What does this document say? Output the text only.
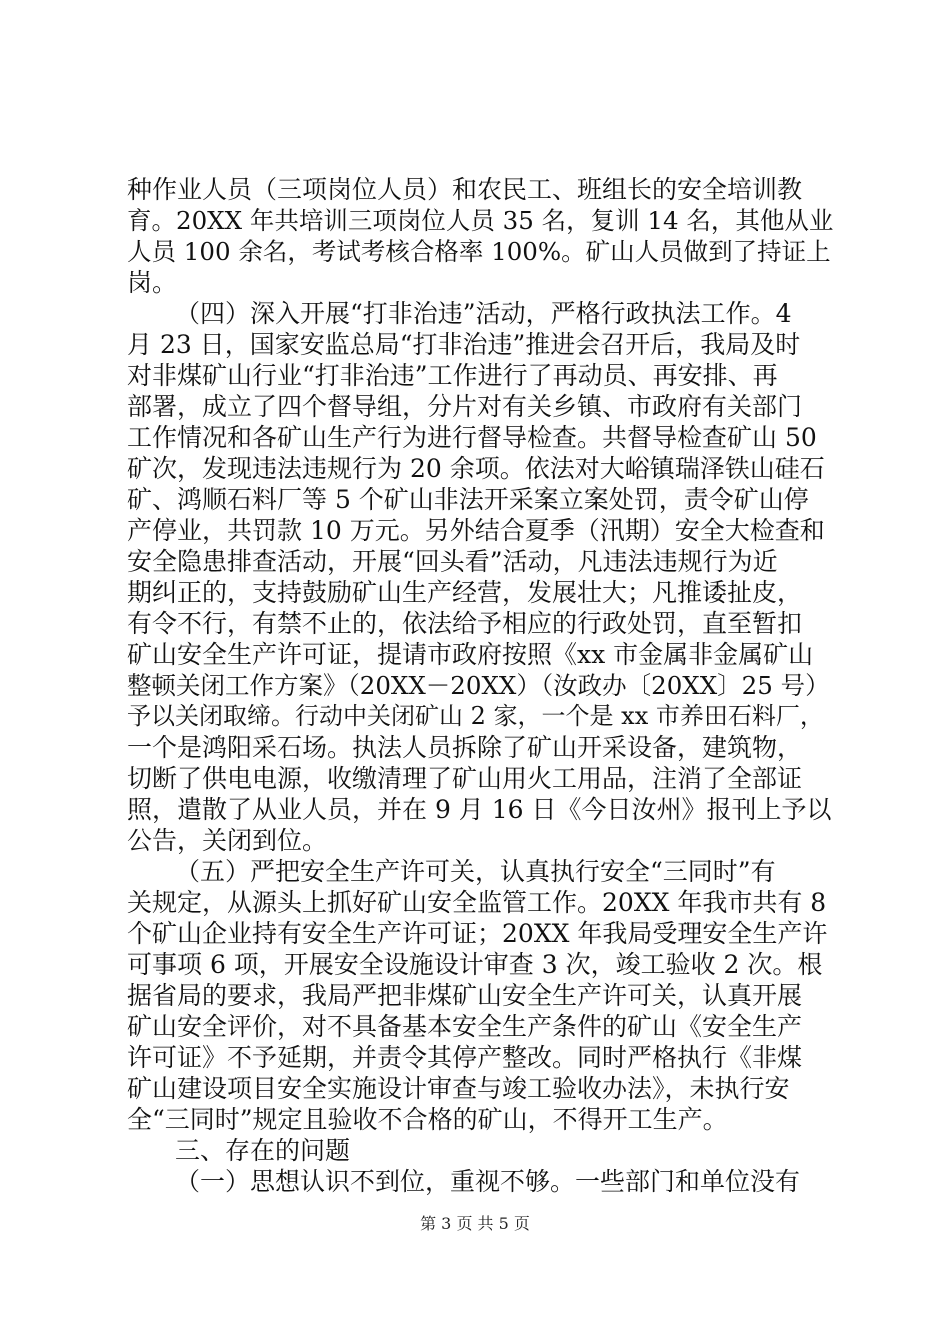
种作业人员（三项岗位人员）和农民工、班组长的安全培训教
育。20XX 年共培训三项岗位人员 35 名，复训 14 名，其他从业
人员 100 余名，考试考核合格率 100%。矿山人员做到了持证上
岗。
（四）深入开展“打非治违”活动，严格行政执法工作。4
月 23 日，国家安监总局“打非治违”推进会召开后，我局及时
对非煤矿山行业“打非治违”工作进行了再动员、再安排、再
部署，成立了四个督导组，分片对有关乡镇、市政府有关部门
工作情况和各矿山生产行为进行督导检查。共督导检查矿山 50
矿次，发现违法违规行为 20 余项。依法对大峪镇瑞泽铁山硅石
矿、鸿顺石料厂等 5 个矿山非法开采案立案处罚，责令矿山停
产停业，共罚款 10 万元。另外结合夏季（汛期）安全大检查和
安全隐患排查活动，开展“回头看”活动，凡违法违规行为近
期纠正的，支持鼓励矿山生产经营，发展壮大；凡推诿扯皮，
有令不行，有禁不止的，依法给予相应的行政处罚，直至暂扣
矿山安全生产许可证，提请市政府按照《xx 市金属非金属矿山
整顿关闭工作方案》（20XX－20XX）（汝政办〔20XX〕25 号）
予以关闭取缔。行动中关闭矿山 2 家，一个是 xx 市养田石料厂，
一个是鸿阳采石场。执法人员拆除了矿山开采设备，建筑物，
切断了供电电源，收缴清理了矿山用火工用品，注消了全部证
照，遣散了从业人员，并在 9 月 16 日《今日汝州》报刊上予以
公告，关闭到位。
（五）严把安全生产许可关，认真执行安全“三同时”有
关规定，从源头上抓好矿山安全监管工作。20XX 年我市共有 8
个矿山企业持有安全生产许可证；20XX 年我局受理安全生产许
可事项 6 项，开展安全设施设计审查 3 次，竣工验收 2 次。根
据省局的要求，我局严把非煤矿山安全生产许可关，认真开展
矿山安全评价，对不具备基本安全生产条件的矿山《安全生产
许可证》不予延期，并责令其停产整改。同时严格执行《非煤
矿山建设项目安全实施设计审查与竣工验收办法》，未执行安
全“三同时”规定且验收不合格的矿山，不得开工生产。
三、存在的问题
（一）思想认识不到位，重视不够。一些部门和单位没有
第 3 页 共 5 页
